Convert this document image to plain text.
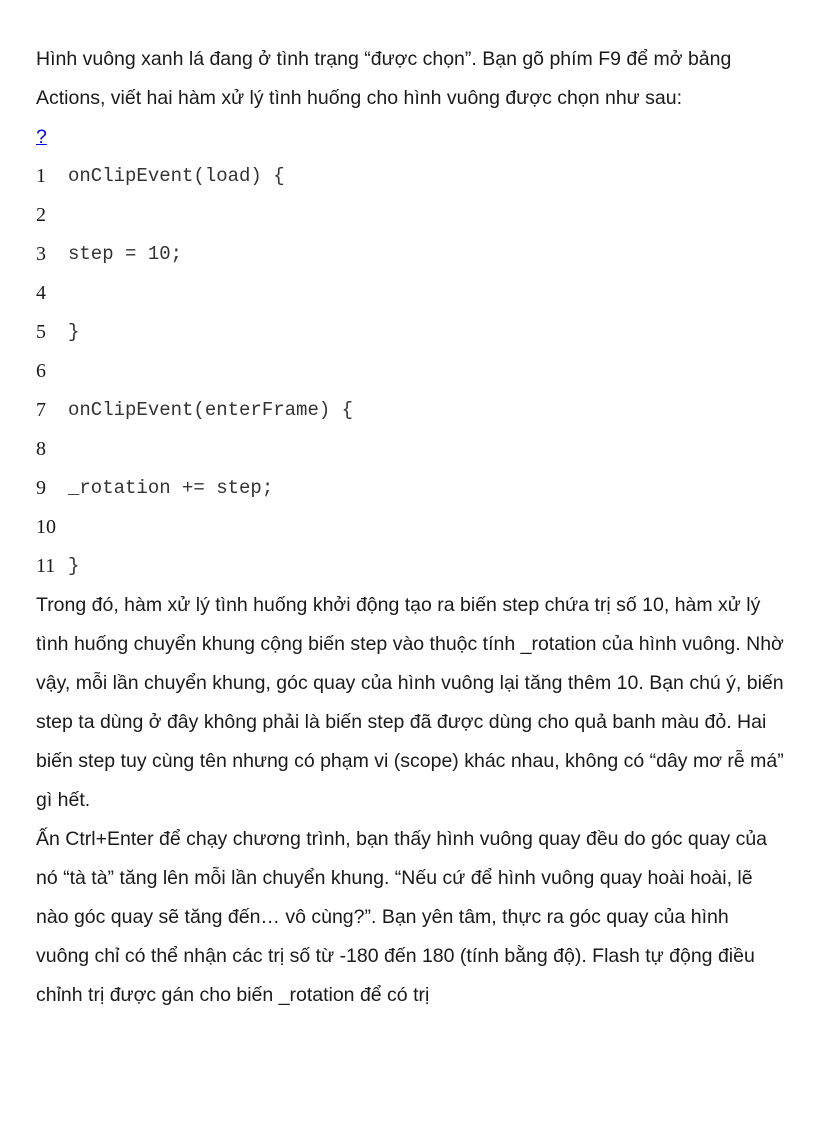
Hình vuông xanh lá đang ở tình trạng “được chọn”. Bạn gõ phím F9 để mở bảng Actions, viết hai hàm xử lý tình huống cho hình vuông được chọn như sau:

?
1	onClipEvent(load) {
2
3	step = 10;
4
5	}
6
7	onClipEvent(enterFrame) {
8
9	_rotation += step;
10
11 }

Trong đó, hàm xử lý tình huống khởi động tạo ra biến step chứa trị số 10, hàm xử lý tình huống chuyển khung cộng biến step vào thuộc tính _rotation của hình vuông. Nhờ vậy, mỗi lần chuyển khung, góc quay của hình vuông lại tăng thêm 10. Bạn chú ý, biến step ta dùng ở đây không phải là biến step đã được dùng cho quả banh màu đỏ. Hai biến step tuy cùng tên nhưng có phạm vi (scope) khác nhau, không có “dây mơ rễ má” gì hết.

Ấn Ctrl+Enter để chạy chương trình, bạn thấy hình vuông quay đều do góc quay của nó “tà tà” tăng lên mỗi lần chuyển khung. “Nếu cứ để hình vuông quay hoài hoài, lẽ nào góc quay sẽ tăng đến… vô cùng?”. Bạn yên tâm, thực ra góc quay của hình vuông chỉ có thể nhận các trị số từ -180 đến 180 (tính bằng độ). Flash tự động điều chỉnh trị được gán cho biến _rotation để có trị
